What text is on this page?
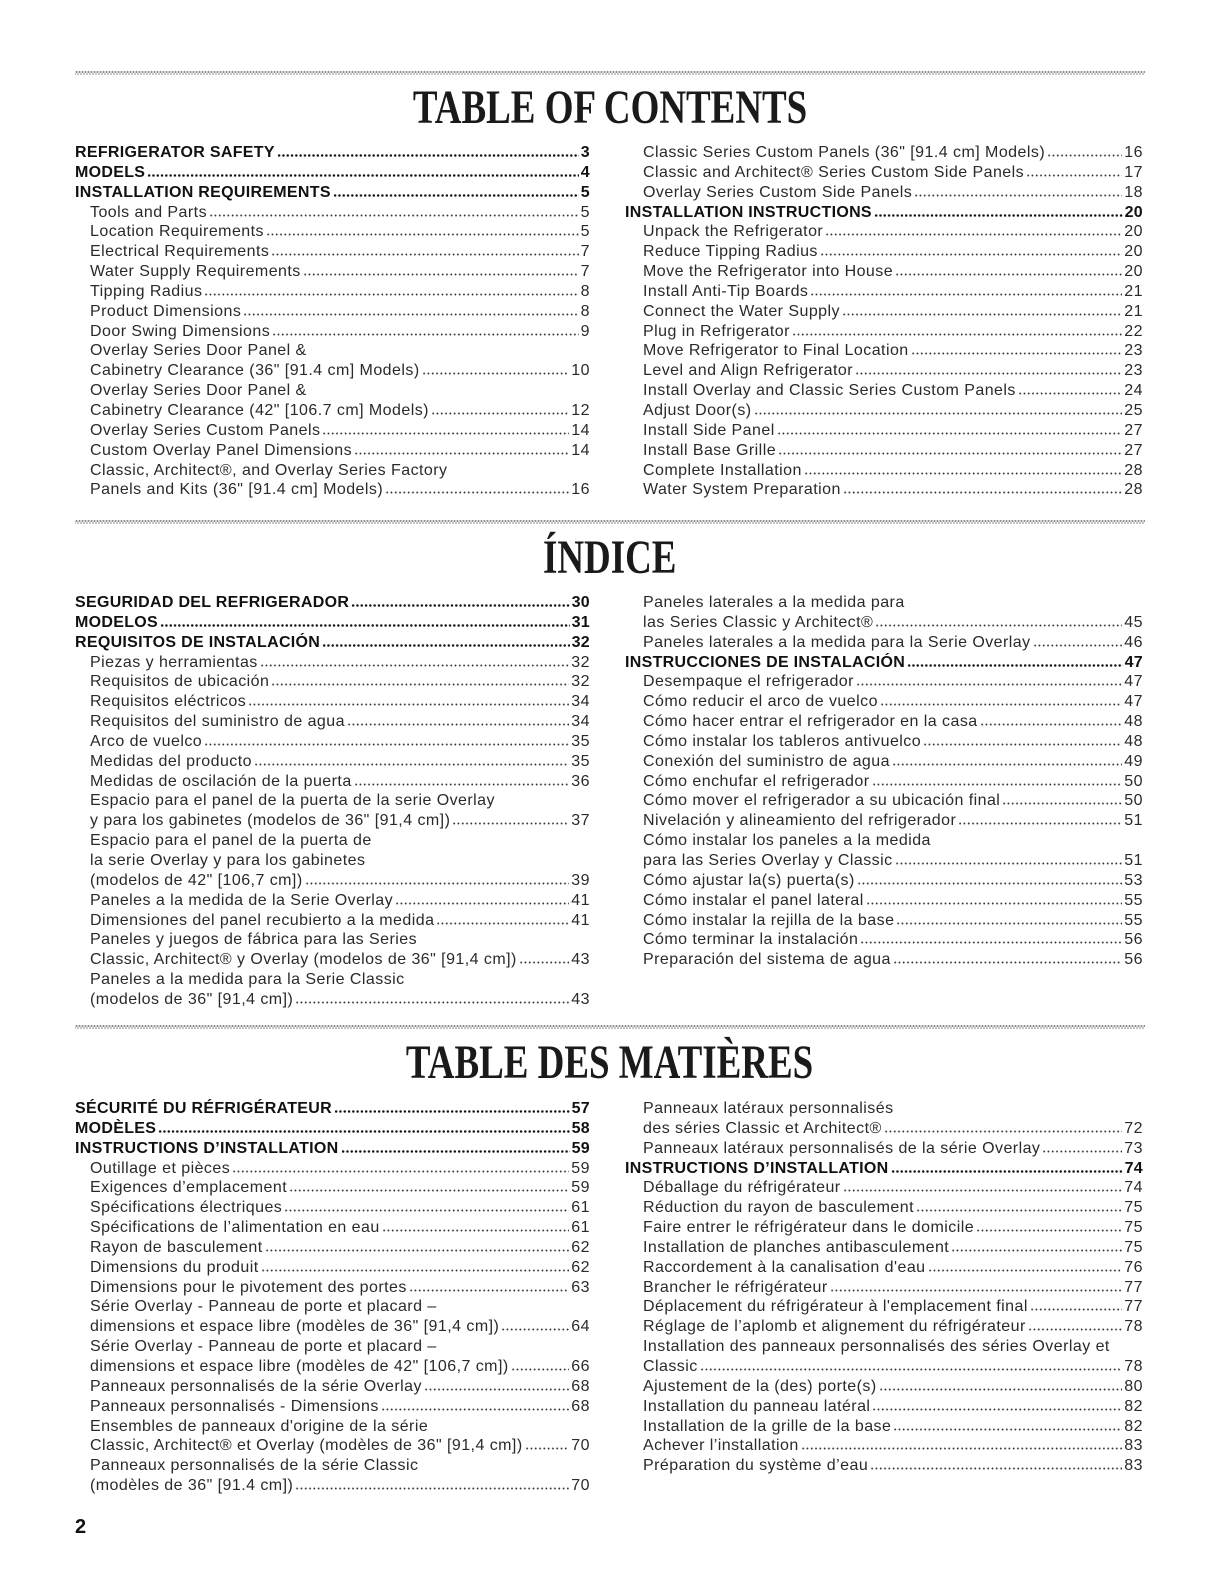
TABLE OF CONTENTS
REFRIGERATOR SAFETY	3
MODELS	4
INSTALLATION REQUIREMENTS	5
Tools and Parts	5
Location Requirements	5
Electrical Requirements	7
Water Supply Requirements	7
Tipping Radius	8
Product Dimensions	8
Door Swing Dimensions	9
Overlay Series Door Panel &
Cabinetry Clearance (36" [91.4 cm] Models)	10
Overlay Series Door Panel &
Cabinetry Clearance (42" [106.7 cm] Models)	12
Overlay Series Custom Panels	14
Custom Overlay Panel Dimensions	14
Classic, Architect®, and Overlay Series Factory
Panels and Kits (36" [91.4 cm] Models)	16
Classic Series Custom Panels (36" [91.4 cm] Models)	16
Classic and Architect® Series Custom Side Panels	17
Overlay Series Custom Side Panels	18
INSTALLATION INSTRUCTIONS	20
Unpack the Refrigerator	20
Reduce Tipping Radius	20
Move the Refrigerator into House	20
Install Anti-Tip Boards	21
Connect the Water Supply	21
Plug in Refrigerator	22
Move Refrigerator to Final Location	23
Level and Align Refrigerator	23
Install Overlay and Classic Series Custom Panels	24
Adjust Door(s)	25
Install Side Panel	27
Install Base Grille	27
Complete Installation	28
Water System Preparation	28
ÍNDICE
SEGURIDAD DEL REFRIGERADOR	30
MODELOS	31
REQUISITOS DE INSTALACIÓN	32
Piezas y herramientas	32
Requisitos de ubicación	32
Requisitos eléctricos	34
Requisitos del suministro de agua	34
Arco de vuelco	35
Medidas del producto	35
Medidas de oscilación de la puerta	36
Espacio para el panel de la puerta de la serie Overlay
y para los gabinetes (modelos de 36" [91,4 cm])	37
Espacio para el panel de la puerta de
la serie Overlay y para los gabinetes
(modelos de 42" [106,7 cm])	39
Paneles a la medida de la Serie Overlay	41
Dimensiones del panel recubierto a la medida	41
Paneles y juegos de fábrica para las Series
Classic, Architect® y Overlay (modelos de 36" [91,4 cm])	43
Paneles a la medida para la Serie Classic
(modelos de 36" [91,4 cm])	43
Paneles laterales a la medida para
las Series Classic y Architect®	45
Paneles laterales a la medida para la Serie Overlay	46
INSTRUCCIONES DE INSTALACIÓN	47
Desempaque el refrigerador	47
Cómo reducir el arco de vuelco	47
Cómo hacer entrar el refrigerador en la casa	48
Cómo instalar los tableros antivuelco	48
Conexión del suministro de agua	49
Cómo enchufar el refrigerador	50
Cómo mover el refrigerador a su ubicación final	50
Nivelación y alineamiento del refrigerador	51
Cómo instalar los paneles a la medida
para las Series Overlay y Classic	51
Cómo ajustar la(s) puerta(s)	53
Cómo instalar el panel lateral	55
Cómo instalar la rejilla de la base	55
Cómo terminar la instalación	56
Preparación del sistema de agua	56
TABLE DES MATIÈRES
SÉCURITÉ DU RÉFRIGÉRATEUR	57
MODÈLES	58
INSTRUCTIONS D’INSTALLATION	59
Outillage et pièces	59
Exigences d’emplacement	59
Spécifications électriques	61
Spécifications de l’alimentation en eau	61
Rayon de basculement	62
Dimensions du produit	62
Dimensions pour le pivotement des portes	63
Série Overlay - Panneau de porte et placard –
dimensions et espace libre (modèles de 36" [91,4 cm])	64
Série Overlay - Panneau de porte et placard –
dimensions et espace libre (modèles de 42" [106,7 cm])	66
Panneaux personnalisés de la série Overlay	68
Panneaux personnalisés - Dimensions	68
Ensembles de panneaux d'origine de la série
Classic, Architect® et Overlay (modèles de 36" [91,4 cm])	70
Panneaux personnalisés de la série Classic
(modèles de 36" [91.4 cm])	70
Panneaux latéraux personnalisés
des séries Classic et Architect®	72
Panneaux latéraux personnalisés de la série Overlay	73
INSTRUCTIONS D’INSTALLATION	74
Déballage du réfrigérateur	74
Réduction du rayon de basculement	75
Faire entrer le réfrigérateur dans le domicile	75
Installation de planches antibasculement	75
Raccordement à la canalisation d'eau	76
Brancher le réfrigérateur	77
Déplacement du réfrigérateur à l'emplacement final	77
Réglage de l’aplomb et alignement du réfrigérateur	78
Installation des panneaux personnalisés des séries Overlay et
Classic	78
Ajustement de la (des) porte(s)	80
Installation du panneau latéral	82
Installation de la grille de la base	82
Achever l’installation	83
Préparation du système d’eau	83
2
